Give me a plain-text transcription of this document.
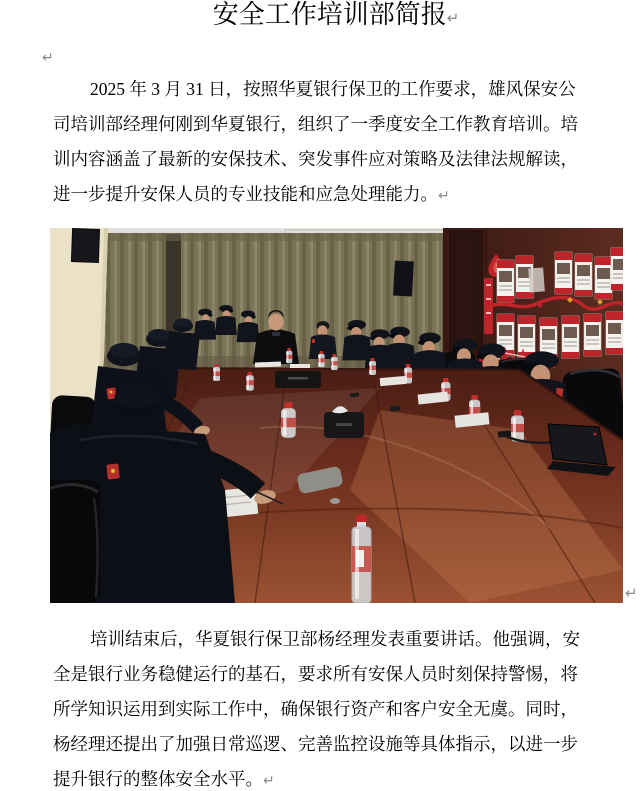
安全工作培训部简报↵
↵
2025 年 3 月 31 日，按照华夏银行保卫的工作要求，雄风保安公
司培训部经理何刚到华夏银行，组织了一季度安全工作教育培训。培
训内容涵盖了最新的安保技术、突发事件应对策略及法律法规解读，
进一步提升安保人员的专业技能和应急处理能力。↵
↵
培训结束后，华夏银行保卫部杨经理发表重要讲话。他强调，安
全是银行业务稳健运行的基石，要求所有安保人员时刻保持警惕，将
所学知识运用到实际工作中，确保银行资产和客户安全无虞。同时，
杨经理还提出了加强日常巡逻、完善监控设施等具体指示，以进一步
提升银行的整体安全水平。↵
